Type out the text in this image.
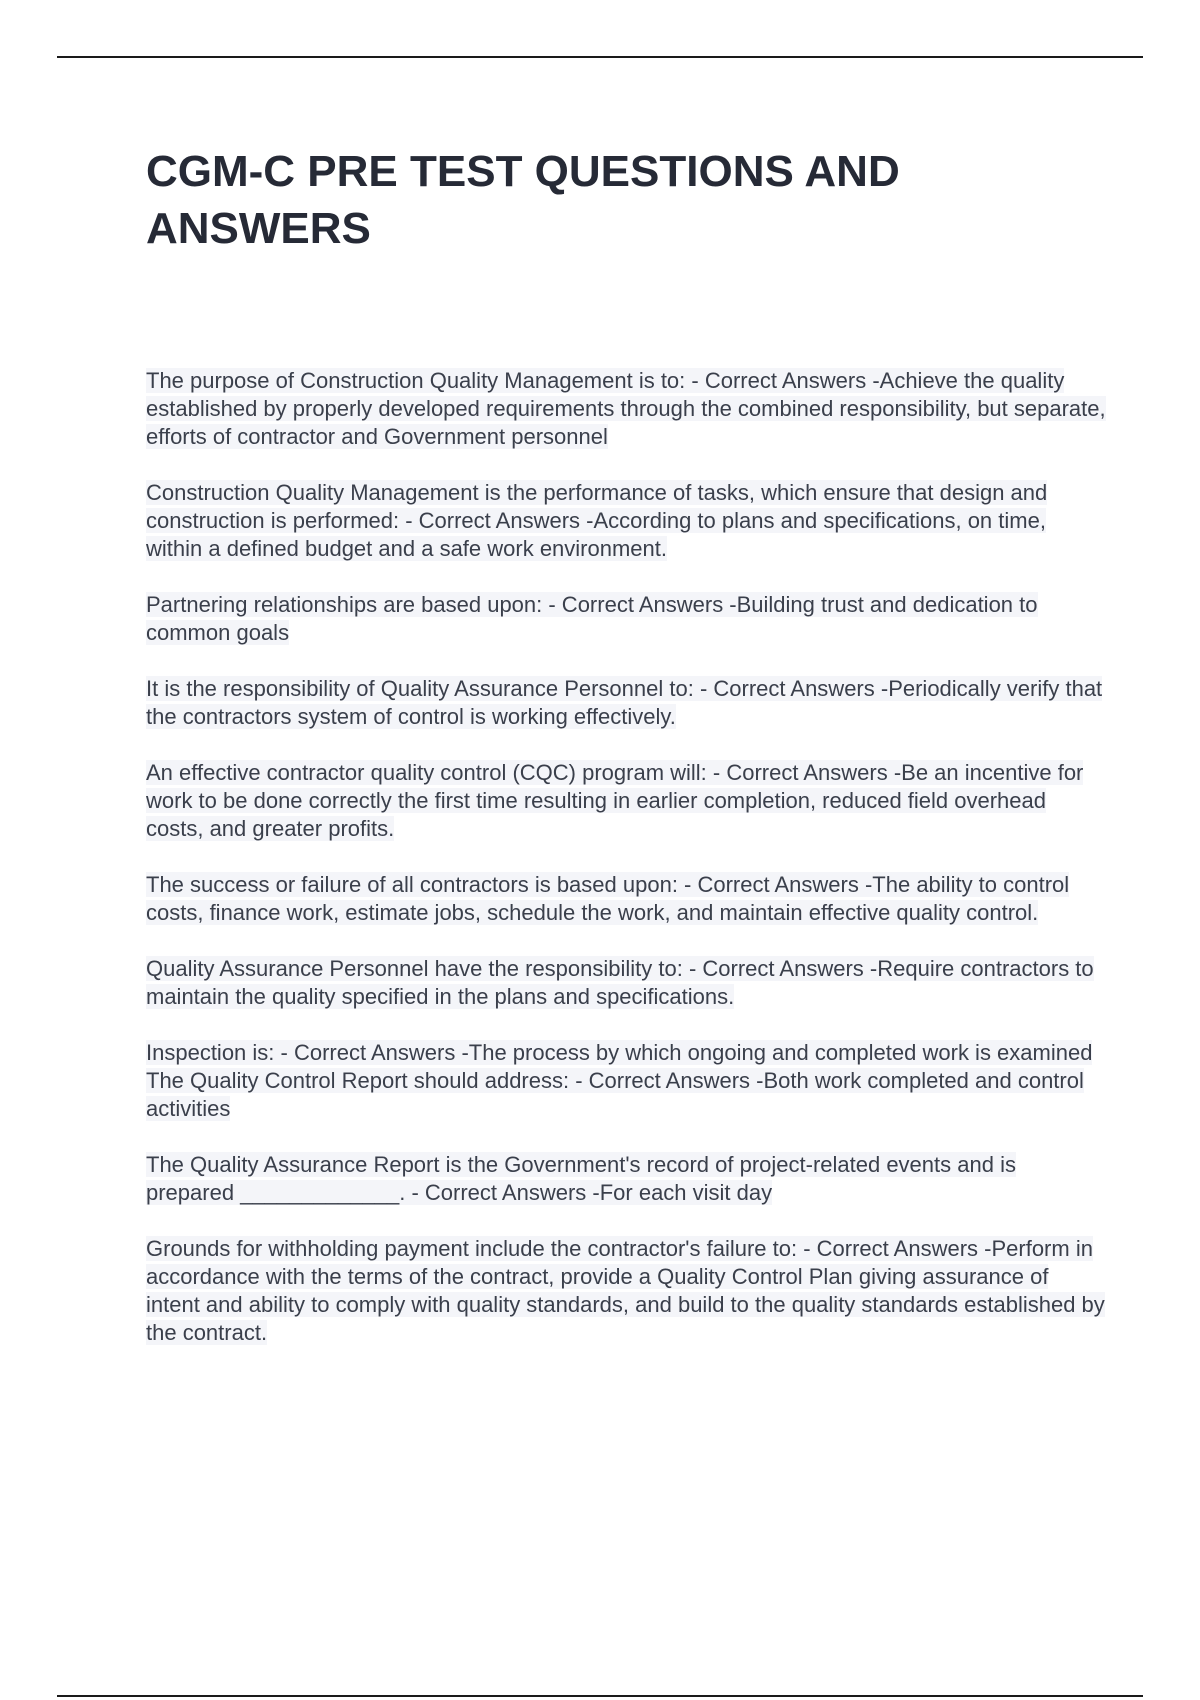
CGM-C PRE TEST QUESTIONS AND ANSWERS

The purpose of Construction Quality Management is to: - Correct Answers -Achieve the quality established by properly developed requirements through the combined responsibility, but separate, efforts of contractor and Government personnel

Construction Quality Management is the performance of tasks, which ensure that design and construction is performed: - Correct Answers -According to plans and specifications, on time, within a defined budget and a safe work environment.

Partnering relationships are based upon: - Correct Answers -Building trust and dedication to common goals

It is the responsibility of Quality Assurance Personnel to: - Correct Answers -Periodically verify that the contractors system of control is working effectively.

An effective contractor quality control (CQC) program will: - Correct Answers -Be an incentive for work to be done correctly the first time resulting in earlier completion, reduced field overhead costs, and greater profits.

The success or failure of all contractors is based upon: - Correct Answers -The ability to control costs, finance work, estimate jobs, schedule the work, and maintain effective quality control.

Quality Assurance Personnel have the responsibility to: - Correct Answers -Require contractors to maintain the quality specified in the plans and specifications.

Inspection is: - Correct Answers -The process by which ongoing and completed work is examined

The Quality Control Report should address: - Correct Answers -Both work completed and control activities

The Quality Assurance Report is the Government's record of project-related events and is prepared _____________. - Correct Answers -For each visit day

Grounds for withholding payment include the contractor's failure to: - Correct Answers -Perform in accordance with the terms of the contract, provide a Quality Control Plan giving assurance of intent and ability to comply with quality standards, and build to the quality standards established by the contract.
